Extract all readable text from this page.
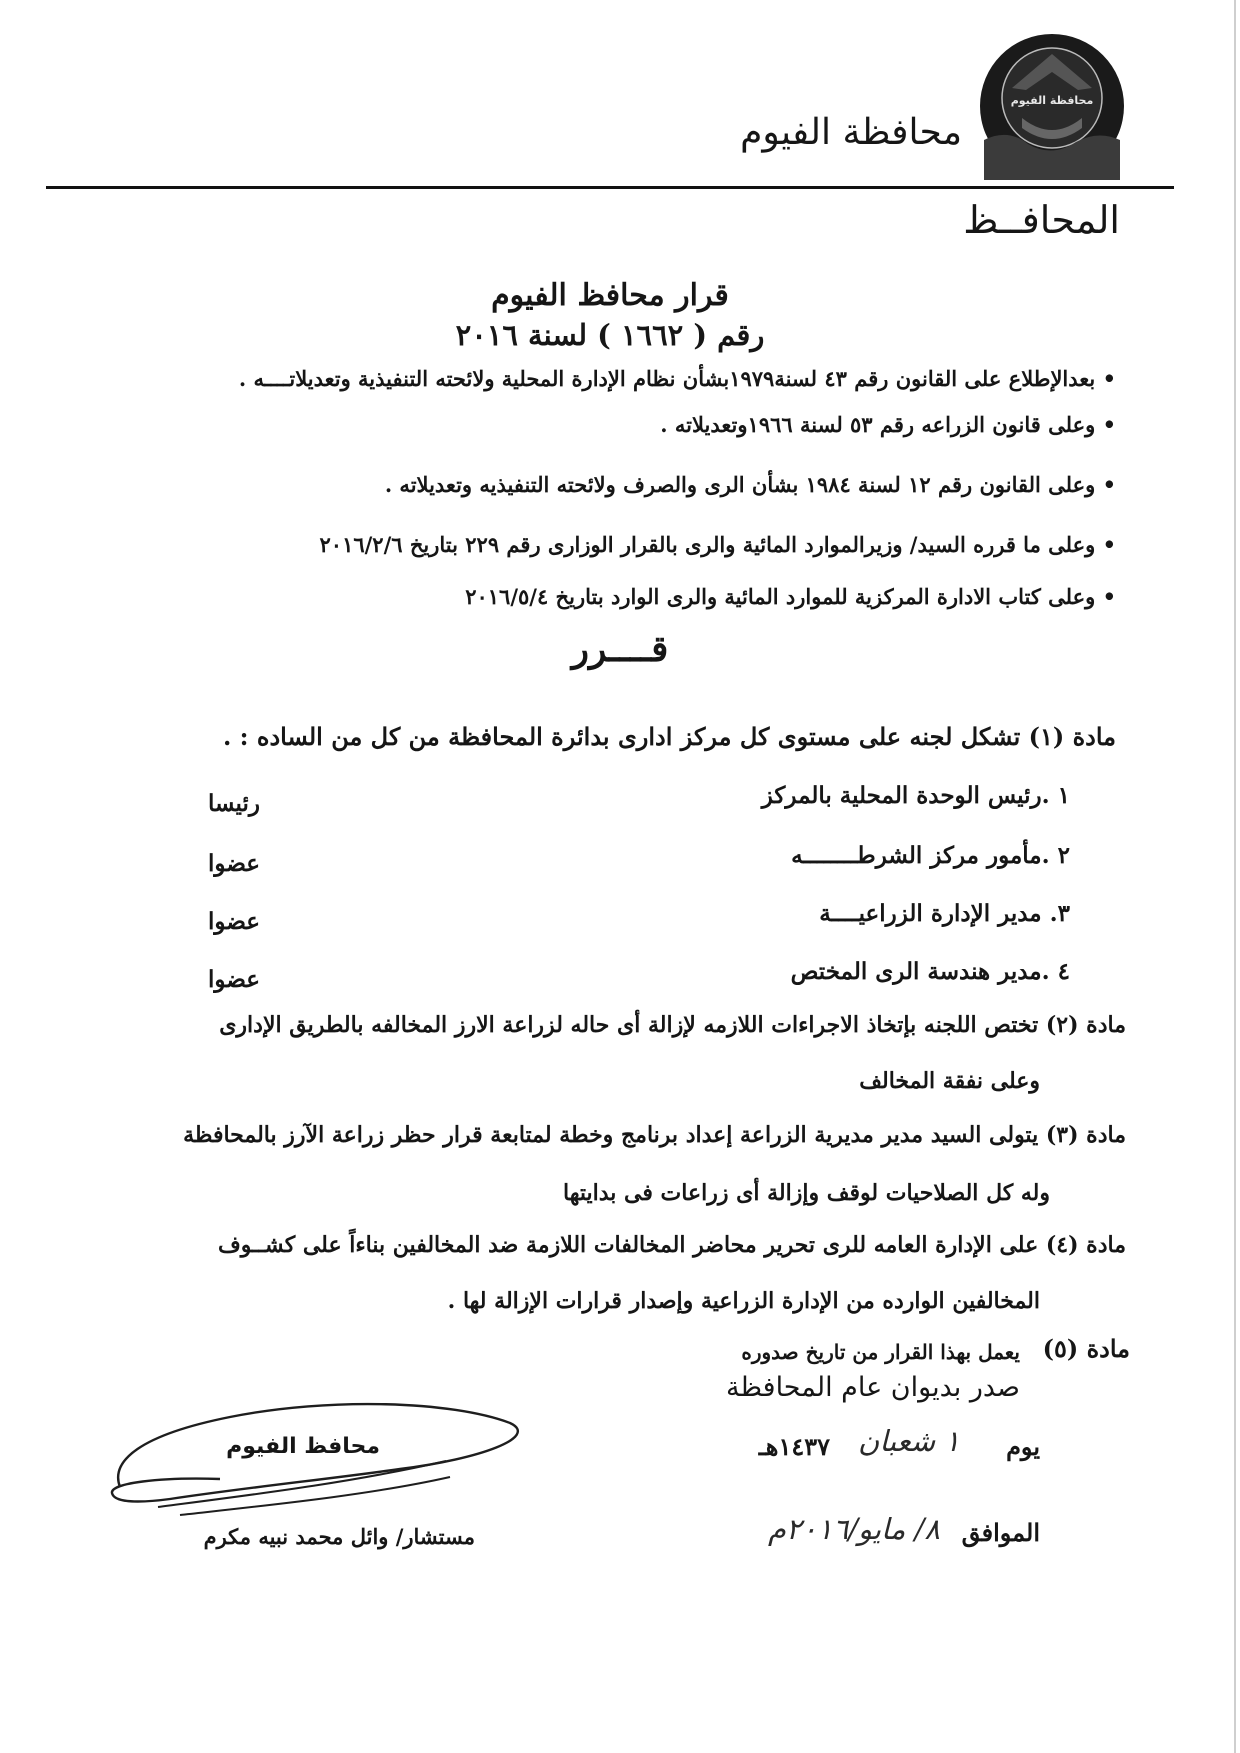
محافظة الفيوم
محافظة الفيوم
المحافــظ
قرار محافظ الفيوم
رقم ( ١٦٦٢ ) لسنة ٢٠١٦
• بعدالإطلاع على القانون رقم ٤٣ لسنة١٩٧٩بشأن نظام الإدارة المحلية ولائحته التنفيذية وتعديلاتــــه .
• وعلى قانون الزراعه رقم ٥٣ لسنة ١٩٦٦وتعديلاته .
• وعلى القانون رقم ١٢ لسنة ١٩٨٤ بشأن الرى والصرف ولائحته التنفيذيه وتعديلاته .
• وعلى ما قرره السيد/ وزيرالموارد المائية والرى بالقرار الوزارى رقم ٢٢٩ بتاريخ ٢٠١٦/٢/٦
• وعلى كتاب الادارة المركزية للموارد المائية والرى الوارد بتاريخ ٢٠١٦/٥/٤
قــــرر
مادة (١) تشكل لجنه على مستوى كل مركز ادارى بدائرة المحافظة من كل من الساده : .
١ .رئيس الوحدة المحلية بالمركز
رئيسا
٢ .مأمور مركز الشرطــــــــه
عضوا
٣. مدير الإدارة الزراعيــــة
عضوا
٤ .مدير هندسة الرى المختص
عضوا
مادة (٢) تختص اللجنه بإتخاذ الاجراءات اللازمه لإزالة أى حاله لزراعة الارز المخالفه بالطريق الإدارى
وعلى نفقة المخالف
مادة (٣) يتولى السيد مدير مديرية الزراعة إعداد برنامج وخطة لمتابعة قرار حظر زراعة الآرز بالمحافظة
وله كل الصلاحيات لوقف وإزالة أى زراعات فى بدايتها
مادة (٤) على الإدارة العامه للرى تحرير محاضر المخالفات اللازمة ضد المخالفين بناءاً على كشــوف
المخالفين الوارده من الإدارة الزراعية وإصدار قرارات الإزالة لها .
مادة (٥)
يعمل بهذا القرار من تاريخ صدوره
صدر بديوان عام المحافظة
يوم
١ شعبان
١٤٣٧هـ
الموافق
٨/ مايو/٢٠١٦م
محافظ الفيوم
مستشار/ وائل محمد نبيه مكرم
